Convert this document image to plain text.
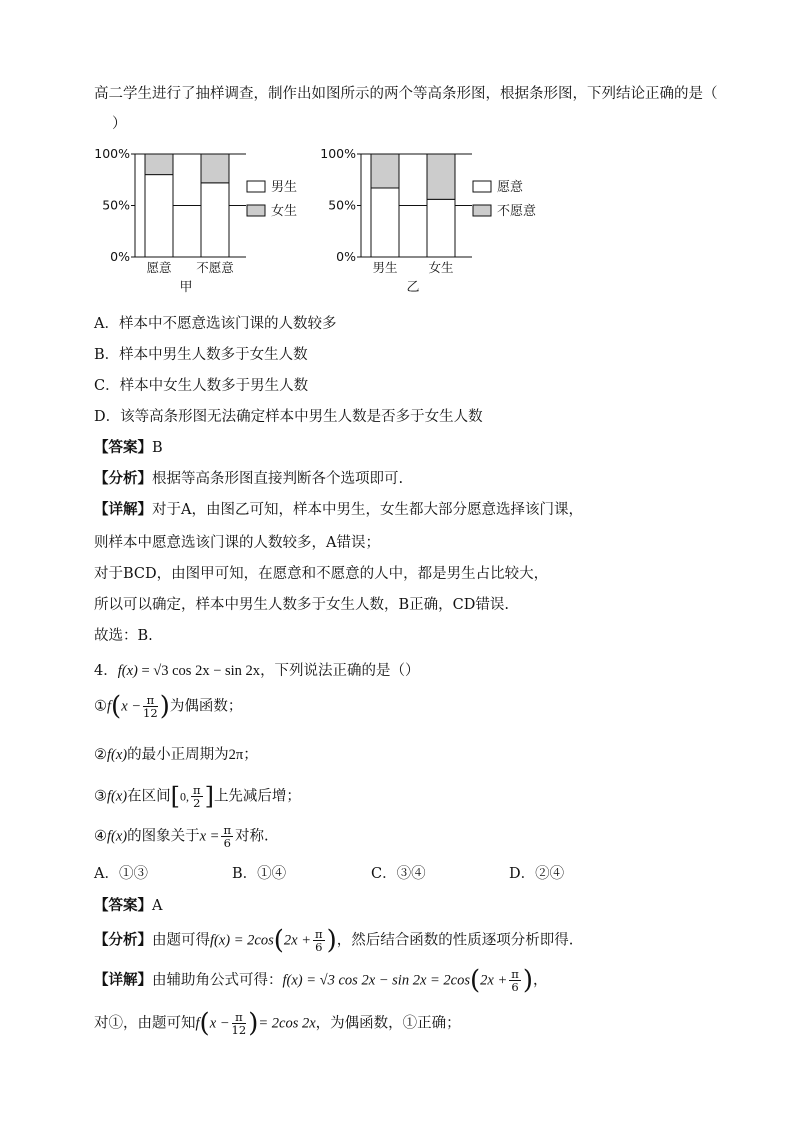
高二学生进行了抽样调查，制作出如图所示的两个等高条形图，根据条形图，下列结论正确的是（
）
100%
50%
0%
愿意 不愿意
男生
女生
甲
100%
50%
0%
男生 女生
愿意
不愿意
乙
A．样本中不愿意选该门课的人数较多
B．样本中男生人数多于女生人数
C．样本中女生人数多于男生人数
D．该等高条形图无法确定样本中男生人数是否多于女生人数
【答案】B
【分析】根据等高条形图直接判断各个选项即可.
【详解】对于A，由图乙可知，样本中男生，女生都大部分愿意选择该门课，
则样本中愿意选该门课的人数较多，A错误；
对于BCD，由图甲可知，在愿意和不愿意的人中，都是男生占比较大，
所以可以确定，样本中男生人数多于女生人数，B正确，CD错误.
故选：B.
4．f(x) = √3 cos 2x − sin 2x，下列说法正确的是（）
①f(x − $\frac{\pi}{12}$ )为偶函数；
②f(x)的最小正周期为2π；
③f(x)在区间[0, $\frac{\pi}{2}$ ]上先减后增；
④f(x)的图象关于$x = \frac{\pi}{6}$ 对称.
A．①③	B．①④	C．③④	D．②④
【答案】A
【分析】由题可得$f(x) = 2\cos(2x + \frac{\pi}{6}$ )，然后结合函数的性质逐项分析即得.
【详解】由辅助角公式可得：f(x) = √3 $\cos 2x - \sin 2x = 2\cos(2x + \frac{\pi}{6}$ )，
对①，由题可知$f(x - \frac{\pi}{12}$ )= 2cos 2x，为偶函数，①正确；
